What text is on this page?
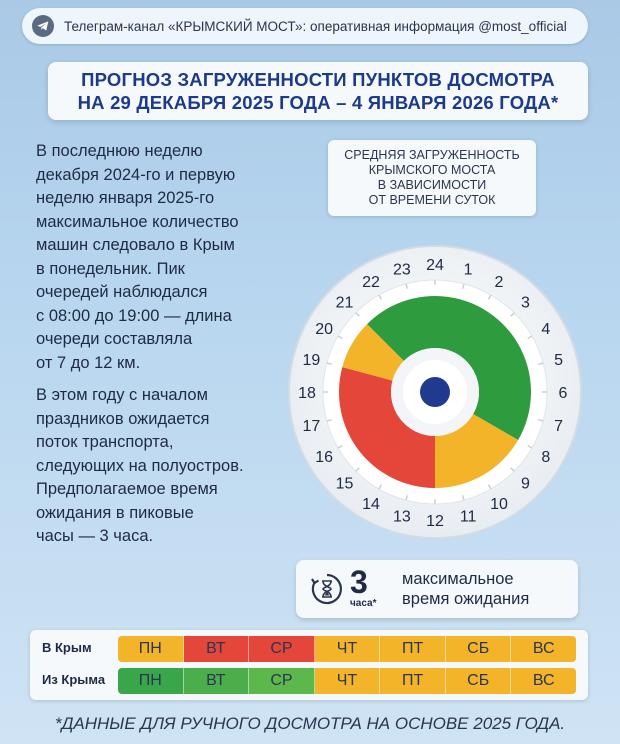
Телеграм-канал «КРЫМСКИЙ МОСТ»: оперативная информация @most_official
ПРОГНОЗ ЗАГРУЖЕННОСТИ ПУНКТОВ ДОСМОТРА
НА 29 ДЕКАБРЯ 2025 ГОДА – 4 ЯНВАРЯ 2026 ГОДА*
В последнюю неделю
декабря 2024-го и первую
неделю января 2025-го
максимальное количество
машин следовало в Крым
в понедельник. Пик
очередей наблюдался
с 08:00 до 19:00 — длина
очереди составляла
от 7 до 12 км.
В этом году с началом
праздников ожидается
поток транспорта,
следующих на полуостров.
Предполагаемое время
ожидания в пиковые
часы — 3 часа.
СРЕДНЯЯ ЗАГРУЖЕННОСТЬ
КРЫМСКОГО МОСТА
В ЗАВИСИМОСТИ
ОТ ВРЕМЕНИ СУТОК
24 1
2
3
4
5
6
7
8
9
10
11
12
13
14
15
16
17
18
19
20
21
22
23
3
часа*
максимальное
время ожидания
В Крым	ПН	ВТ	СР	ЧТ	ПТ	СБ	ВС
Из Крыма	ПН	ВТ	СР	ЧТ	ПТ	СБ	ВС
*ДАННЫЕ ДЛЯ РУЧНОГО ДОСМОТРА НА ОСНОВЕ 2025 ГОДА.
